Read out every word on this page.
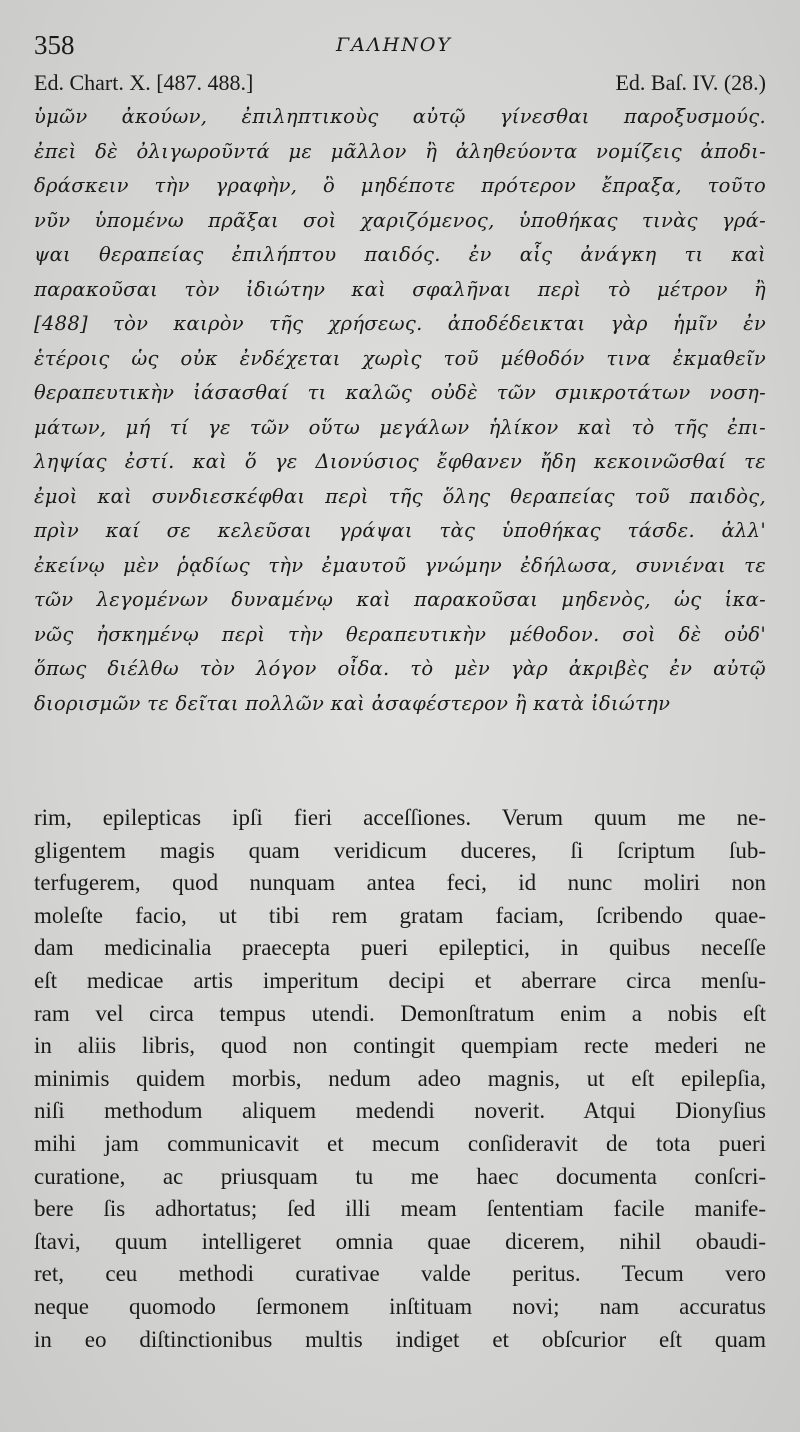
358	ΓΑΛΗΝΟΥ
Ed. Chart. X. [487. 488.]	Ed. Baſ. IV. (28.)
ὑμῶν ἀκούων, ἐπιληπτικοὺς αὐτῷ γίνεσθαι παροξυσμούς.
ἐπεὶ δὲ ὀλιγωροῦντά με μᾶλλον ἢ ἀληθεύοντα νομίζεις ἀποδι-
δράσκειν τὴν γραφὴν, ὃ μηδέποτε πρότερον ἔπραξα, τοῦτο
νῦν ὑπομένω πρᾶξαι σοὶ χαριζόμενος, ὑποθήκας τινὰς γρά-
ψαι θεραπείας ἐπιλήπτου παιδός. ἐν αἷς ἀνάγκη τι καὶ
παρακοῦσαι τὸν ἰδιώτην καὶ σφαλῆναι περὶ τὸ μέτρον ἢ
[488] τὸν καιρὸν τῆς χρήσεως. ἀποδέδεικται γὰρ ἡμῖν ἐν
ἑτέροις ὡς οὐκ ἐνδέχεται χωρὶς τοῦ μέθοδόν τινα ἐκμαθεῖν
θεραπευτικὴν ἰάσασθαί τι καλῶς οὐδὲ τῶν σμικροτάτων νοση-
μάτων, μή τί γε τῶν οὕτω μεγάλων ἡλίκον καὶ τὸ τῆς ἐπι-
ληψίας ἐστί. καὶ ὅ γε Διονύσιος ἔφθανεν ἤδη κεκοινῶσθαί τε
ἐμοὶ καὶ συνδιεσκέφθαι περὶ τῆς ὅλης θεραπείας τοῦ παιδὸς,
πρὶν καί σε κελεῦσαι γράψαι τὰς ὑποθήκας τάσδε. ἀλλ'
ἐκείνῳ μὲν ῥᾳδίως τὴν ἐμαυτοῦ γνώμην ἐδήλωσα, συνιέναι τε
τῶν λεγομένων δυναμένῳ καὶ παρακοῦσαι μηδενὸς, ὡς ἱκα-
νῶς ἠσκημένῳ περὶ τὴν θεραπευτικὴν μέθοδον. σοὶ δὲ οὐδ'
ὅπως διέλθω τὸν λόγον οἶδα. τὸ μὲν γὰρ ἀκριβὲς ἐν αὐτῷ
διορισμῶν τε δεῖται πολλῶν καὶ ἀσαφέστερον ἢ κατὰ ἰδιώτην
rim, epilepticas ipſi fieri acceſſiones. Verum quum me ne-
gligentem magis quam veridicum duceres, ſi ſcriptum ſub-
terfugerem, quod nunquam antea feci, id nunc moliri non
moleſte facio, ut tibi rem gratam faciam, ſcribendo quae-
dam medicinalia praecepta pueri epileptici, in quibus neceſſe
eſt medicae artis imperitum decipi et aberrare circa menſu-
ram vel circa tempus utendi. Demonſtratum enim a nobis eſt
in aliis libris, quod non contingit quempiam recte mederi ne
minimis quidem morbis, nedum adeo magnis, ut eſt epilepſia,
niſi methodum aliquem medendi noverit. Atqui Dionyſius
mihi jam communicavit et mecum conſideravit de tota pueri
curatione, ac priusquam tu me haec documenta conſcri-
bere ſis adhortatus; ſed illi meam ſententiam facile manife-
ſtavi, quum intelligeret omnia quae dicerem, nihil obaudi-
ret, ceu methodi curativae valde peritus. Tecum vero
neque quomodo ſermonem inſtituam novi; nam accuratus
in eo diſtinctionibus multis indiget et obſcurior eſt quam
